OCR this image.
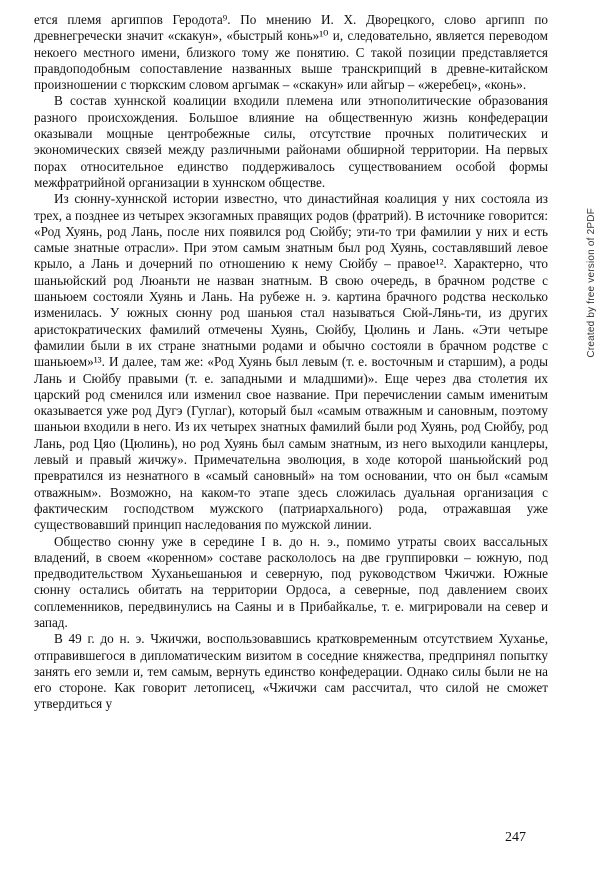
ется племя аргиппов Геродота⁹. По мнению И. Х. Дворецкого, слово аргипп по древнегречески значит «скакун», «быстрый конь»¹⁰ и, следовательно, является переводом некоего местного имени, близкого тому же понятию. С такой позиции представляется правдоподобным сопоставление названных выше транскрипций в древне-китайском произношении с тюркским словом аргымак – «скакун» или айгыр – «жеребец», «конь».

В состав хуннской коалиции входили племена или этнополитические образования разного происхождения. Большое влияние на общественную жизнь конфедерации оказывали мощные центробежные силы, отсутствие прочных политических и экономических связей между различными районами обширной территории. На первых порах относительное единство поддерживалось существованием особой формы межфратрийной организации в хуннском обществе.

Из сюнну-хуннской истории известно, что династийная коалиция у них состояла из трех, а позднее из четырех экзогамных правящих родов (фратрий). В источнике говорится: «Род Хуянь, род Лань, после них появился род Сюйбу; эти-то три фамилии у них и есть самые знатные отрасли». При этом самым знатным был род Хуянь, составлявший левое крыло, а Лань и дочерний по отношению к нему Сюйбу – правое¹². Характерно, что шаньюйский род Люаньти не назван знатным. В свою очередь, в брачном родстве с шаньюем состояли Хуянь и Лань. На рубеже н. э. картина брачного родства несколько изменилась. У южных сюнну род шаньюя стал называться Сюй-Лянь-ти, из других аристократических фамилий отмечены Хуянь, Сюйбу, Цюлинь и Лань. «Эти четыре фамилии были в их стране знатными родами и обычно состояли в брачном родстве с шаньюем»¹³. И далее, там же: «Род Хуянь был левым (т. е. восточным и старшим), а роды Лань и Сюйбу правыми (т. е. западными и младшими)». Еще через два столетия их царский род сменился или изменил свое название. При перечислении самым именитым оказывается уже род Дугэ (Гуглаг), который был «самым отважным и сановным, поэтому шаньюи входили в него. Из их четырех знатных фамилий были род Хуянь, род Сюйбу, род Лань, род Цяо (Цюлинь), но род Хуянь был самым знатным, из него выходили канцлеры, левый и правый жичжу». Примечательна эволюция, в ходе которой шаньюйский род превратился из незнатного в «самый сановный» на том основании, что он был «самым отважным». Возможно, на каком-то этапе здесь сложилась дуальная организация с фактическим господством мужского (патриархального) рода, отражавшая уже существовавший принцип наследования по мужской линии.

Общество сюнну уже в середине I в. до н. э., помимо утраты своих вассальных владений, в своем «коренном» составе раскололось на две группировки – южную, под предводительством Хуханьешаньюя и северную, под руководством Чжичжи. Южные сюнну остались обитать на территории Ордоса, а северные, под давлением своих соплеменников, передвинулись на Саяны и в Прибайкалье, т. е. мигрировали на север и запад.

В 49 г. до н. э. Чжичжи, воспользовавшись кратковременным отсутствием Хуханье, отправившегося в дипломатическим визитом в соседние княжества, предпринял попытку занять его земли и, тем самым, вернуть единство конфедерации. Однако силы были не на его стороне. Как говорит летописец, «Чжичжи сам рассчитал, что силой не сможет утвердиться у

247
Created by free version of 2PDF
